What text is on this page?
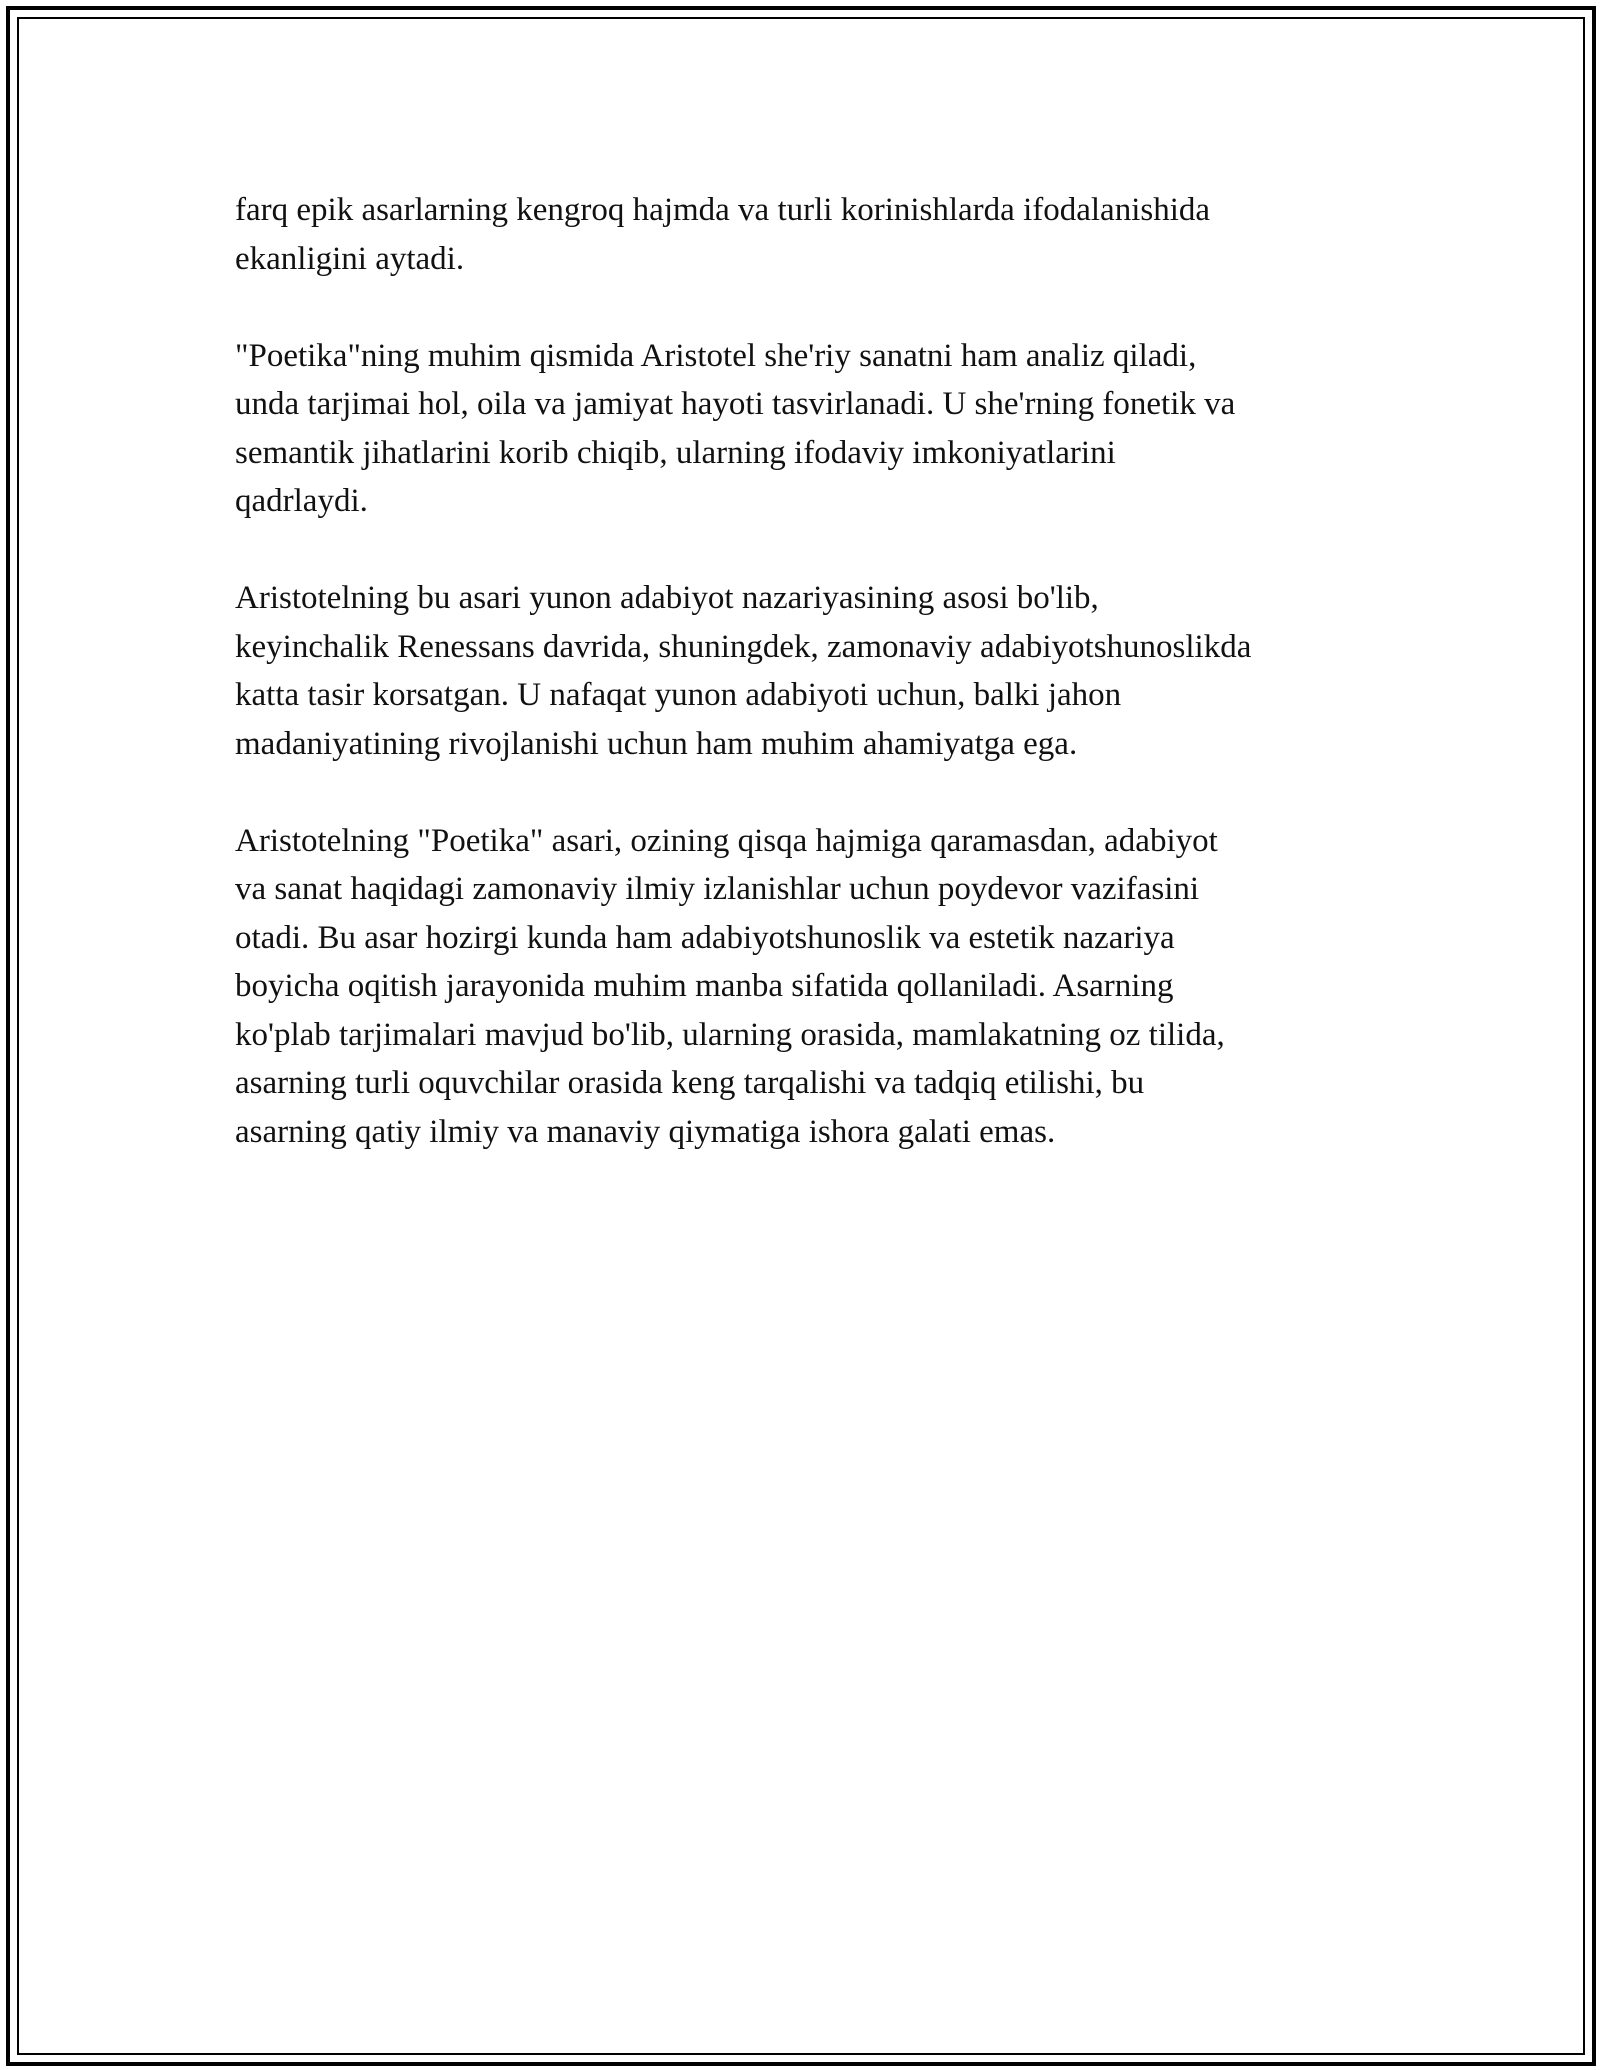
farq epik asarlarning kengroq hajmda va turli korinishlarda ifodalanishida
ekanligini aytadi.

"Poetika"ning muhim qismida Aristotel she'riy sanatni ham analiz qiladi,
unda tarjimai hol, oila va jamiyat hayoti tasvirlanadi. U she'rning fonetik va
semantik jihatlarini korib chiqib, ularning ifodaviy imkoniyatlarini
qadrlaydi.

Aristotelning bu asari yunon adabiyot nazariyasining asosi bo'lib,
keyinchalik Renessans davrida, shuningdek, zamonaviy adabiyotshunoslikda
katta tasir korsatgan. U nafaqat yunon adabiyoti uchun, balki jahon
madaniyatining rivojlanishi uchun ham muhim ahamiyatga ega.

Aristotelning "Poetika" asari, ozining qisqa hajmiga qaramasdan, adabiyot
va sanat haqidagi zamonaviy ilmiy izlanishlar uchun poydevor vazifasini
otadi. Bu asar hozirgi kunda ham adabiyotshunoslik va estetik nazariya
boyicha oqitish jarayonida muhim manba sifatida qollaniladi. Asarning
ko'plab tarjimalari mavjud bo'lib, ularning orasida, mamlakatning oz tilida,
asarning turli oquvchilar orasida keng tarqalishi va tadqiq etilishi, bu
asarning qatiy ilmiy va manaviy qiymatiga ishora galati emas.
